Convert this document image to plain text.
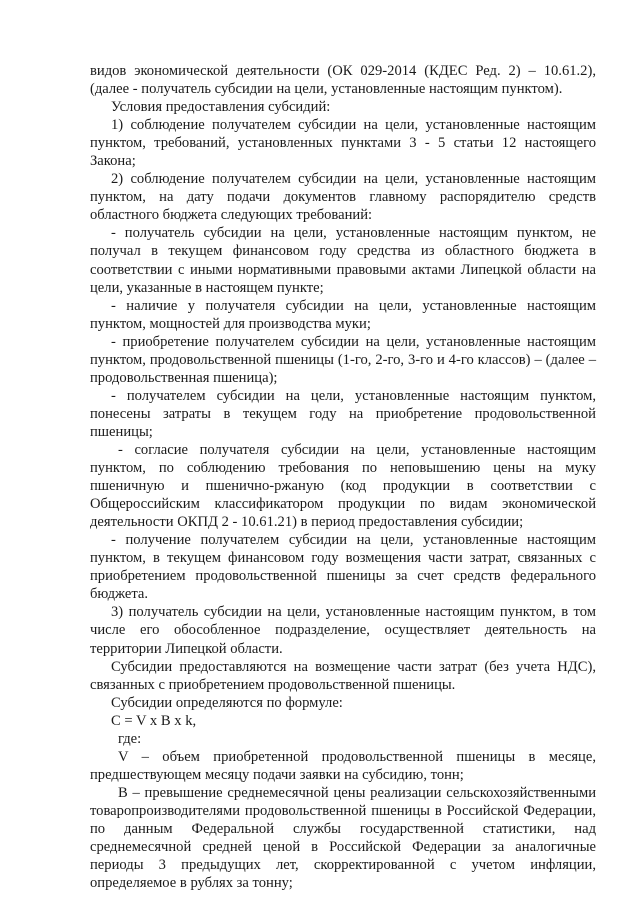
видов экономической деятельности (ОК 029-2014 (КДЕС Ред. 2) – 10.61.2), (далее - получатель субсидии на цели, установленные настоящим пунктом).

Условия предоставления субсидий:

1) соблюдение получателем субсидии на цели, установленные настоящим пунктом, требований, установленных пунктами 3 - 5 статьи 12 настоящего Закона;

2) соблюдение получателем субсидии на цели, установленные настоящим пунктом, на дату подачи документов главному распорядителю средств областного бюджета следующих требований:

- получатель субсидии на цели, установленные настоящим пунктом, не получал в текущем финансовом году средства из областного бюджета в соответствии с иными нормативными правовыми актами Липецкой области на цели, указанные в настоящем пункте;

- наличие у получателя субсидии на цели, установленные настоящим пунктом, мощностей для производства муки;

- приобретение получателем субсидии на цели, установленные настоящим пунктом, продовольственной пшеницы (1-го, 2-го, 3-го и 4-го классов) – (далее – продовольственная пшеница);

- получателем субсидии на цели, установленные настоящим пунктом, понесены затраты в текущем году на приобретение продовольственной пшеницы;

- согласие получателя субсидии на цели, установленные настоящим пунктом, по соблюдению требования по неповышению цены на муку пшеничную и пшенично-ржаную (код продукции в соответствии с Общероссийским классификатором продукции по видам экономической деятельности ОКПД 2 - 10.61.21) в период предоставления субсидии;

- получение получателем субсидии на цели, установленные настоящим пунктом, в текущем финансовом году возмещения части затрат, связанных с приобретением продовольственной пшеницы за счет средств федерального бюджета.

3) получатель субсидии на цели, установленные настоящим пунктом, в том числе его обособленное подразделение, осуществляет деятельность на территории Липецкой области.

Субсидии предоставляются на возмещение части затрат (без учета НДС), связанных с приобретением продовольственной пшеницы.

Субсидии определяются по формуле:

C = V x B x k,

где:

V – объем приобретенной продовольственной пшеницы в месяце, предшествующем месяцу подачи заявки на субсидию, тонн;

B – превышение среднемесячной цены реализации сельскохозяйственными товаропроизводителями продовольственной пшеницы в Российской Федерации, по данным Федеральной службы государственной статистики, над среднемесячной средней ценой в Российской Федерации за аналогичные периоды 3 предыдущих лет, скорректированной с учетом инфляции, определяемое в рублях за тонну;
